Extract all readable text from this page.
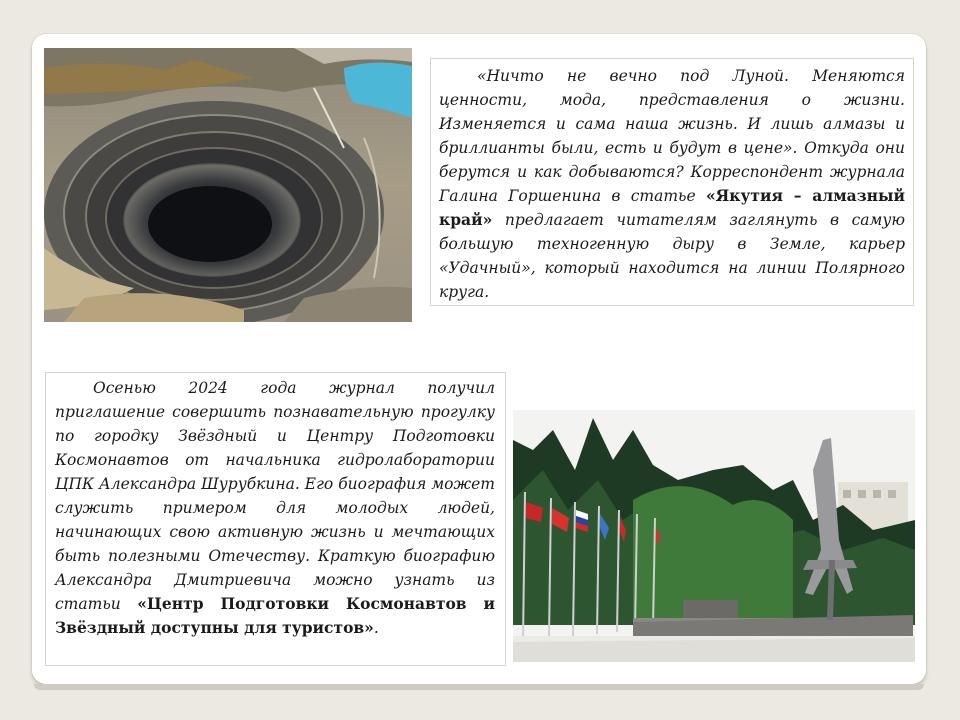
«Ничто не вечно под Луной. Меняются ценности, мода, представления о жизни. Изменяется и сама наша жизнь. И лишь алмазы и бриллианты были, есть и будут в цене». Откуда они берутся и как добываются? Корреспондент журнала Галина Горшенина в статье «Якутия – алмазный край» предлагает читателям заглянуть в самую большую техногенную дыру в Земле, карьер «Удачный», который находится на линии Полярного круга.
Осенью 2024 года журнал получил приглашение совершить познавательную прогулку по городку Звёздный и Центру Подготовки Космонавтов от начальника гидролаборатории ЦПК Александра Шурубкина. Его биография может служить примером для молодых людей, начинающих свою активную жизнь и мечтающих быть полезными Отечеству. Краткую биографию Александра Дмитриевича можно узнать из статьи «Центр Подготовки Космонавтов и Звёздный доступны для туристов».
